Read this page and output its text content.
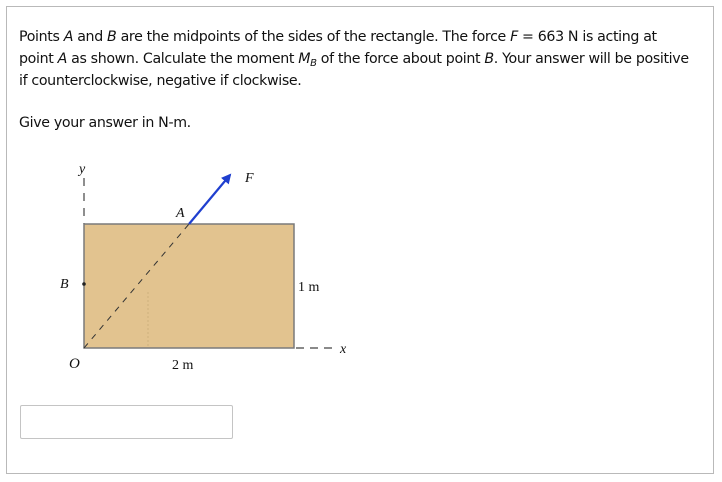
Points A and B are the midpoints of the sides of the rectangle. The force F = 663 N is acting at point A as shown. Calculate the moment $M_B$ of the force about point B. Your answer will be positive if counterclockwise, negative if clockwise.
Give your answer in N-m.
y
F
A
B
O	2 m
1 m
x
